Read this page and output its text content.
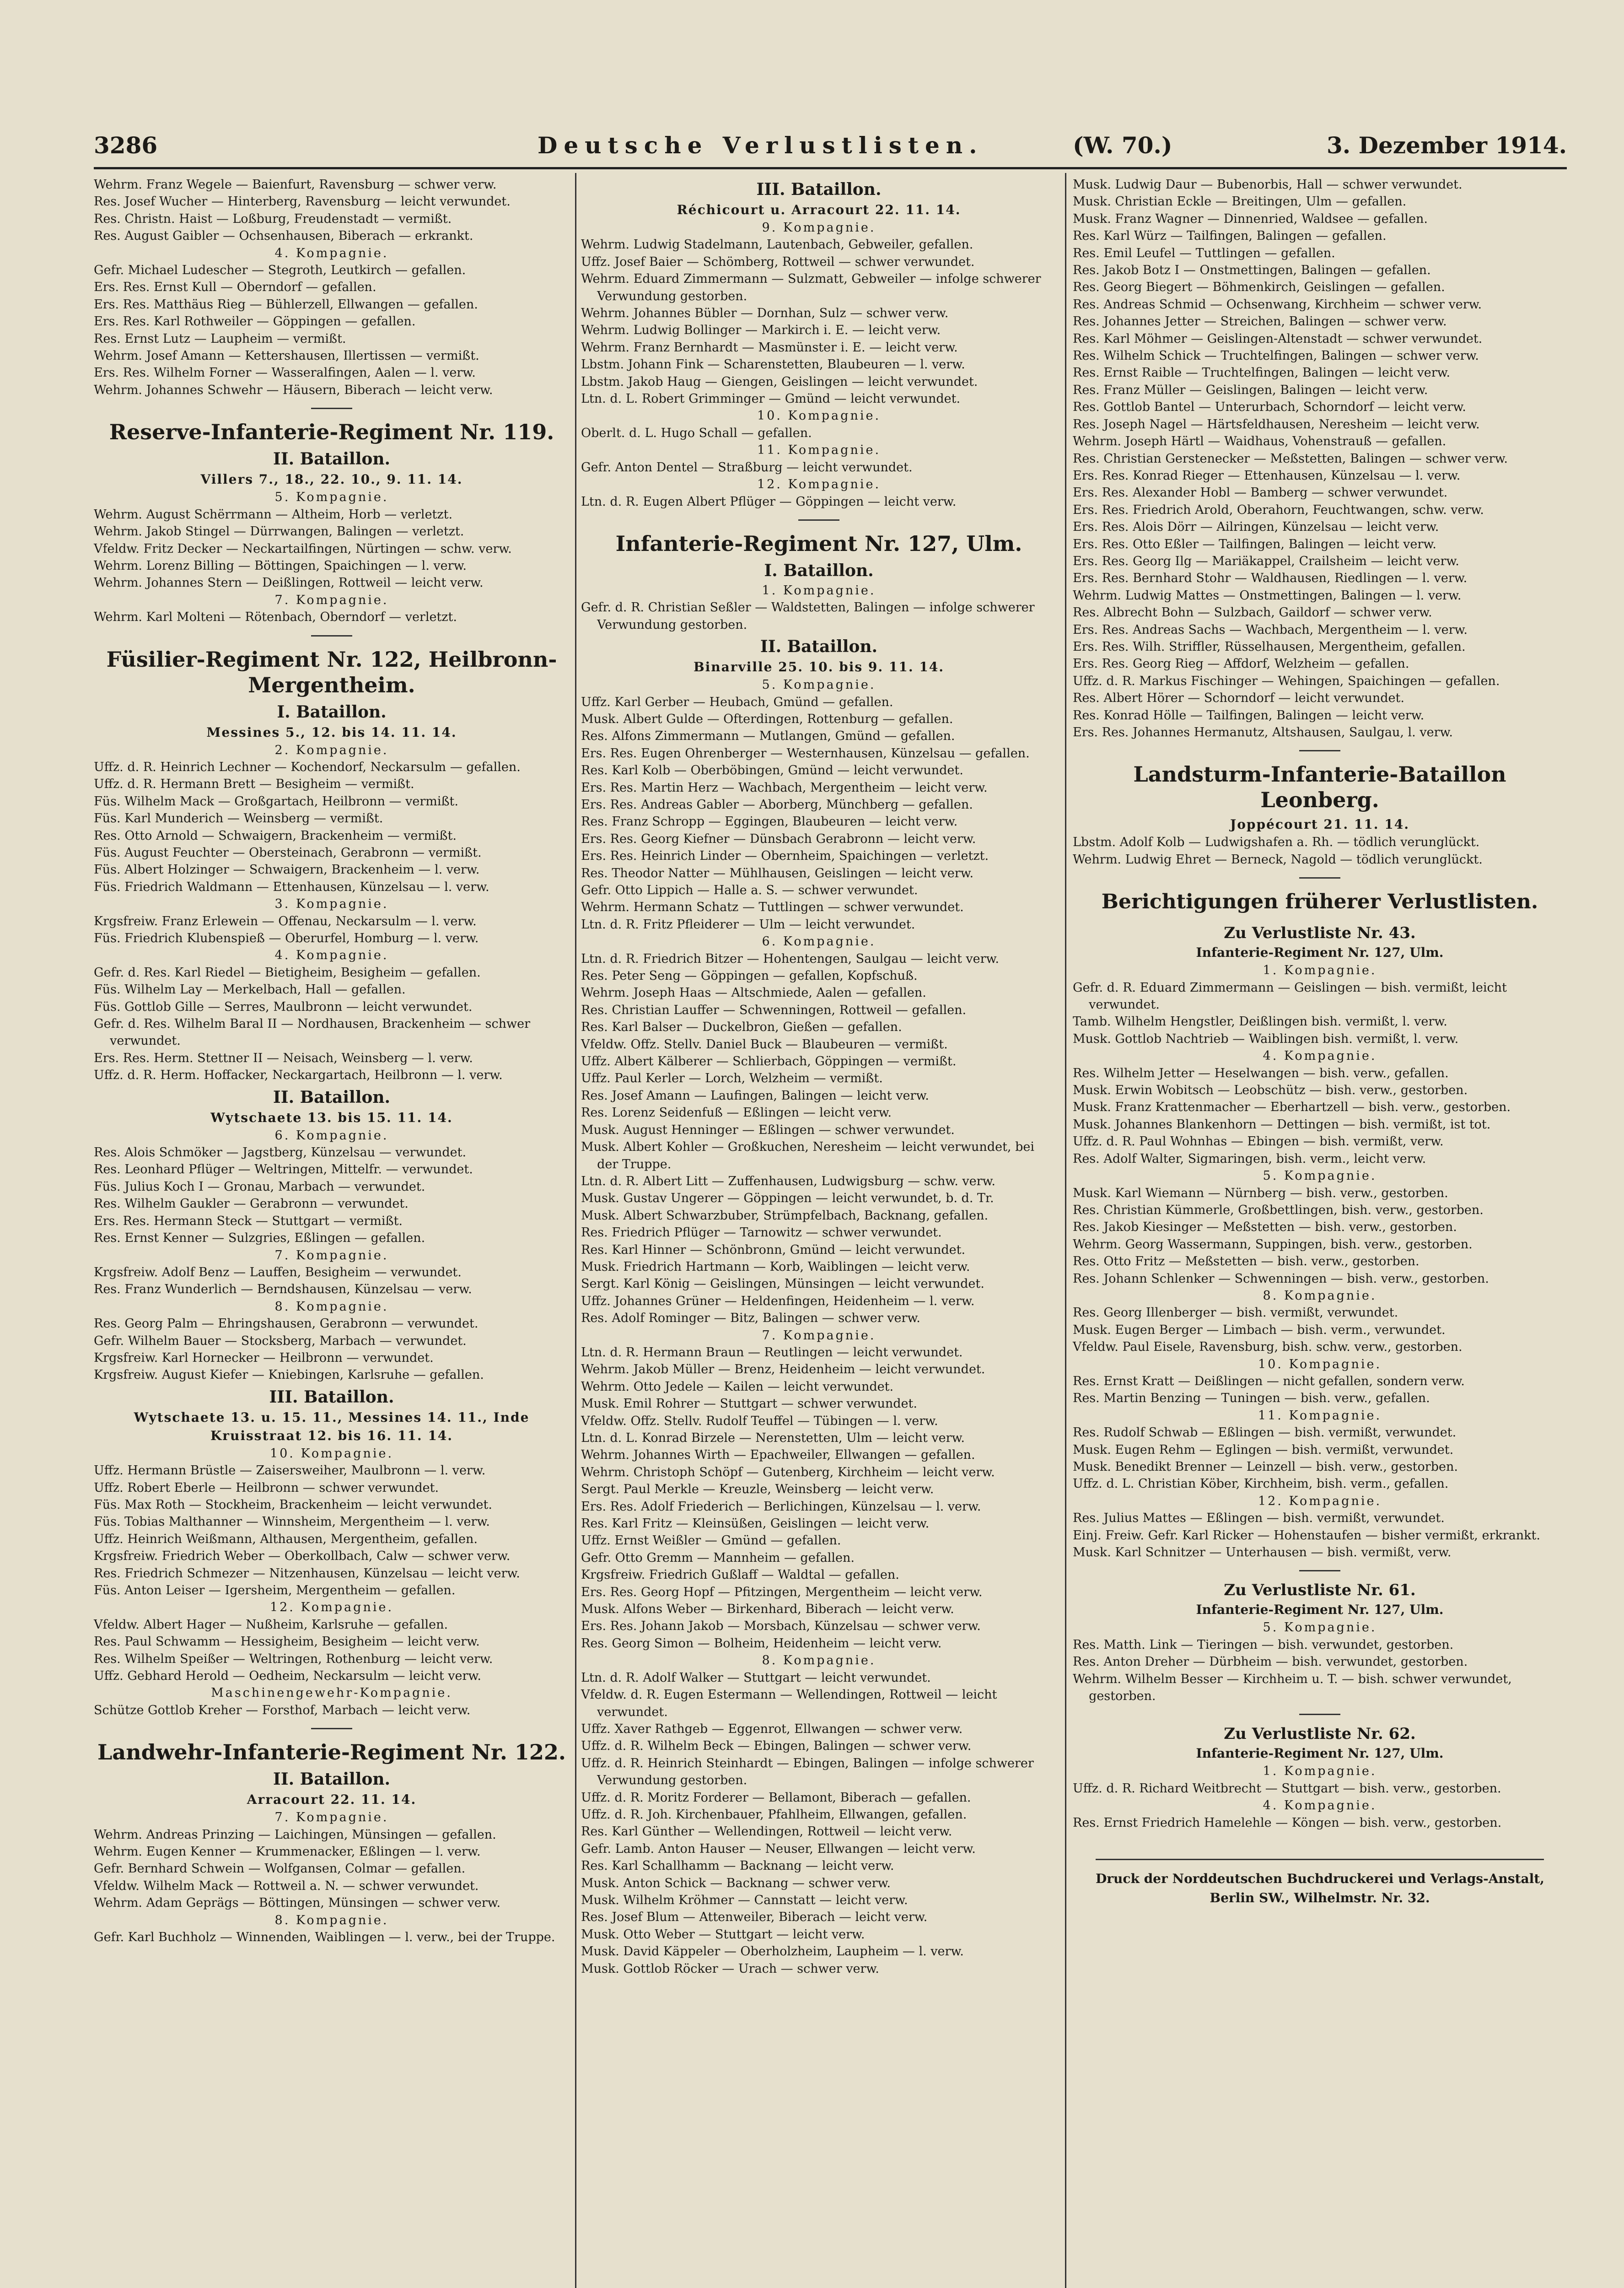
3286	Deutsche Verlustlisten.	(W. 70.)	3. Dezember 1914.
Wehrm. Franz Wegele — Baienfurt, Ravensburg — schwer verw.
Res. Josef Wucher — Hinterberg, Ravensburg — leicht verwundet.
Res. Christn. Haist — Loßburg, Freudenstadt — vermißt.
Res. August Gaibler — Ochsenhausen, Biberach — erkrankt.
4. Kompagnie.
Gefr. Michael Ludescher — Stegroth, Leutkirch — gefallen.
Ers. Res. Ernst Kull — Oberndorf — gefallen.
Ers. Res. Matthäus Rieg — Bühlerzell, Ellwangen — gefallen.
Ers. Res. Karl Rothweiler — Göppingen — gefallen.
Res. Ernst Lutz — Laupheim — vermißt.
Wehrm. Josef Amann — Kettershausen, Illertissen — vermißt.
Ers. Res. Wilhelm Forner — Wasseralfingen, Aalen — l. verw.
Wehrm. Johannes Schwehr — Häusern, Biberach — leicht verw.
Reserve-Infanterie-Regiment Nr. 119.
II. Bataillon.
Villers 7., 18., 22. 10., 9. 11. 14.
5. Kompagnie.
Wehrm. August Schërrmann — Altheim, Horb — verletzt.
Wehrm. Jakob Stingel — Dürrwangen, Balingen — verletzt.
Vfeldw. Fritz Decker — Neckartailfingen, Nürtingen — schw. verw.
Wehrm. Lorenz Billing — Böttingen, Spaichingen — l. verw.
Wehrm. Johannes Stern — Deißlingen, Rottweil — leicht verw.
7. Kompagnie.
Wehrm. Karl Molteni — Rötenbach, Oberndorf — verletzt.
Füsilier-Regiment Nr. 122, Heilbronn-Mergentheim.
I. Bataillon.
Messines 5., 12. bis 14. 11. 14.
2. Kompagnie.
Uffz. d. R. Heinrich Lechner — Kochendorf, Neckarsulm — gefallen.
Uffz. d. R. Hermann Brett — Besigheim — vermißt.
Füs. Wilhelm Mack — Großgartach, Heilbronn — vermißt.
Füs. Karl Munderich — Weinsberg — vermißt.
Res. Otto Arnold — Schwaigern, Brackenheim — vermißt.
Füs. August Feuchter — Obersteinach, Gerabronn — vermißt.
Füs. Albert Holzinger — Schwaigern, Brackenheim — l. verw.
Füs. Friedrich Waldmann — Ettenhausen, Künzelsau — l. verw.
3. Kompagnie.
Krgsfreiw. Franz Erlewein — Offenau, Neckarsulm — l. verw.
Füs. Friedrich Klubenspieß — Oberurfel, Homburg — l. verw.
4. Kompagnie.
Gefr. d. Res. Karl Riedel — Bietigheim, Besigheim — gefallen.
Füs. Wilhelm Lay — Merkelbach, Hall — gefallen.
Füs. Gottlob Gille — Serres, Maulbronn — leicht verwundet.
Gefr. d. Res. Wilhelm Baral II — Nordhausen, Brackenheim — schwer verwundet.
Ers. Res. Herm. Stettner II — Neisach, Weinsberg — l. verw.
Uffz. d. R. Herm. Hoffacker, Neckargartach, Heilbronn — l. verw.
II. Bataillon.
Wytschaete 13. bis 15. 11. 14.
6. Kompagnie.
Res. Alois Schmöker — Jagstberg, Künzelsau — verwundet.
Res. Leonhard Pflüger — Weltringen, Mittelfr. — verwundet.
Füs. Julius Koch I — Gronau, Marbach — verwundet.
Res. Wilhelm Gaukler — Gerabronn — verwundet.
Ers. Res. Hermann Steck — Stuttgart — vermißt.
Res. Ernst Kenner — Sulzgries, Eßlingen — gefallen.
7. Kompagnie.
Krgsfreiw. Adolf Benz — Lauffen, Besigheim — verwundet.
Res. Franz Wunderlich — Berndshausen, Künzelsau — verw.
8. Kompagnie.
Res. Georg Palm — Ehringshausen, Gerabronn — verwundet.
Gefr. Wilhelm Bauer — Stocksberg, Marbach — verwundet.
Krgsfreiw. Karl Hornecker — Heilbronn — verwundet.
Krgsfreiw. August Kiefer — Kniebingen, Karlsruhe — gefallen.
III. Bataillon.
Wytschaete 13. u. 15. 11., Messines 14. 11., Inde Kruisstraat 12. bis 16. 11. 14.
10. Kompagnie.
Uffz. Hermann Brüstle — Zaisersweiher, Maulbronn — l. verw.
Uffz. Robert Eberle — Heilbronn — schwer verwundet.
Füs. Max Roth — Stockheim, Brackenheim — leicht verwundet.
Füs. Tobias Malthanner — Winnsheim, Mergentheim — l. verw.
Uffz. Heinrich Weißmann, Althausen, Mergentheim, gefallen.
Krgsfreiw. Friedrich Weber — Oberkollbach, Calw — schwer verw.
Res. Friedrich Schmezer — Nitzenhausen, Künzelsau — leicht verw.
Füs. Anton Leiser — Igersheim, Mergentheim — gefallen.
12. Kompagnie.
Vfeldw. Albert Hager — Nußheim, Karlsruhe — gefallen.
Res. Paul Schwamm — Hessigheim, Besigheim — leicht verw.
Res. Wilhelm Speißer — Weltringen, Rothenburg — leicht verw.
Uffz. Gebhard Herold — Oedheim, Neckarsulm — leicht verw.
Maschinengewehr-Kompagnie.
Schütze Gottlob Kreher — Forsthof, Marbach — leicht verw.
Landwehr-Infanterie-Regiment Nr. 122.
II. Bataillon.
Arracourt 22. 11. 14.
7. Kompagnie.
Wehrm. Andreas Prinzing — Laichingen, Münsingen — gefallen.
Wehrm. Eugen Kenner — Krummenacker, Eßlingen — l. verw.
Gefr. Bernhard Schwein — Wolfgansen, Colmar — gefallen.
Vfeldw. Wilhelm Mack — Rottweil a. N. — schwer verwundet.
Wehrm. Adam Geprägs — Böttingen, Münsingen — schwer verw.
8. Kompagnie.
Gefr. Karl Buchholz — Winnenden, Waiblingen — l. verw., bei der Truppe.
III. Bataillon.
Réchicourt u. Arracourt 22. 11. 14.
9. Kompagnie.
Wehrm. Ludwig Stadelmann, Lautenbach, Gebweiler, gefallen.
Uffz. Josef Baier — Schömberg, Rottweil — schwer verwundet.
Wehrm. Eduard Zimmermann — Sulzmatt, Gebweiler — infolge schwerer Verwundung gestorben.
Wehrm. Johannes Bübler — Dornhan, Sulz — schwer verw.
Wehrm. Ludwig Bollinger — Markirch i. E. — leicht verw.
Wehrm. Franz Bernhardt — Masmünster i. E. — leicht verw.
Lbstm. Johann Fink — Scharenstetten, Blaubeuren — l. verw.
Lbstm. Jakob Haug — Giengen, Geislingen — leicht verwundet.
Ltn. d. L. Robert Grimminger — Gmünd — leicht verwundet.
10. Kompagnie.
Oberlt. d. L. Hugo Schall — gefallen.
11. Kompagnie.
Gefr. Anton Dentel — Straßburg — leicht verwundet.
12. Kompagnie.
Ltn. d. R. Eugen Albert Pflüger — Göppingen — leicht verw.
Infanterie-Regiment Nr. 127, Ulm.
I. Bataillon.
1. Kompagnie.
Gefr. d. R. Christian Seßler — Waldstetten, Balingen — infolge schwerer Verwundung gestorben.
II. Bataillon.
Binarville 25. 10. bis 9. 11. 14.
5. Kompagnie.
Uffz. Karl Gerber — Heubach, Gmünd — gefallen.
Musk. Albert Gulde — Ofterdingen, Rottenburg — gefallen.
Res. Alfons Zimmermann — Mutlangen, Gmünd — gefallen.
Ers. Res. Eugen Ohrenberger — Westernhausen, Künzelsau — gefallen.
Res. Karl Kolb — Oberböbingen, Gmünd — leicht verwundet.
Ers. Res. Martin Herz — Wachbach, Mergentheim — leicht verw.
Ers. Res. Andreas Gabler — Aborberg, Münchberg — gefallen.
Res. Franz Schropp — Eggingen, Blaubeuren — leicht verw.
Ers. Res. Georg Kiefner — Dünsbach Gerabronn — leicht verw.
Ers. Res. Heinrich Linder — Obernheim, Spaichingen — verletzt.
Res. Theodor Natter — Mühlhausen, Geislingen — leicht verw.
Gefr. Otto Lippich — Halle a. S. — schwer verwundet.
Wehrm. Hermann Schatz — Tuttlingen — schwer verwundet.
Ltn. d. R. Fritz Pfleiderer — Ulm — leicht verwundet.
6. Kompagnie.
Ltn. d. R. Friedrich Bitzer — Hohentengen, Saulgau — leicht verw.
Res. Peter Seng — Göppingen — gefallen, Kopfschuß.
Wehrm. Joseph Haas — Altschmiede, Aalen — gefallen.
Res. Christian Lauffer — Schwenningen, Rottweil — gefallen.
Res. Karl Balser — Duckelbron, Gießen — gefallen.
Vfeldw. Offz. Stellv. Daniel Buck — Blaubeuren — vermißt.
Uffz. Albert Kälberer — Schlierbach, Göppingen — vermißt.
Uffz. Paul Kerler — Lorch, Welzheim — vermißt.
Res. Josef Amann — Laufingen, Balingen — leicht verw.
Res. Lorenz Seidenfuß — Eßlingen — leicht verw.
Musk. August Henninger — Eßlingen — schwer verwundet.
Musk. Albert Kohler — Großkuchen, Neresheim — leicht verwundet, bei der Truppe.
Ltn. d. R. Albert Litt — Zuffenhausen, Ludwigsburg — schw. verw.
Musk. Gustav Ungerer — Göppingen — leicht verwundet, b. d. Tr.
Musk. Albert Schwarzbuber, Strümpfelbach, Backnang, gefallen.
Res. Friedrich Pflüger — Tarnowitz — schwer verwundet.
Res. Karl Hinner — Schönbronn, Gmünd — leicht verwundet.
Musk. Friedrich Hartmann — Korb, Waiblingen — leicht verw.
Sergt. Karl König — Geislingen, Münsingen — leicht verwundet.
Uffz. Johannes Grüner — Heldenfingen, Heidenheim — l. verw.
Res. Adolf Rominger — Bitz, Balingen — schwer verw.
7. Kompagnie.
Ltn. d. R. Hermann Braun — Reutlingen — leicht verwundet.
Wehrm. Jakob Müller — Brenz, Heidenheim — leicht verwundet.
Wehrm. Otto Jedele — Kailen — leicht verwundet.
Musk. Emil Rohrer — Stuttgart — schwer verwundet.
Vfeldw. Offz. Stellv. Rudolf Teuffel — Tübingen — l. verw.
Ltn. d. L. Konrad Birzele — Nerenstetten, Ulm — leicht verw.
Wehrm. Johannes Wirth — Epachweiler, Ellwangen — gefallen.
Wehrm. Christoph Schöpf — Gutenberg, Kirchheim — leicht verw.
Sergt. Paul Merkle — Kreuzle, Weinsberg — leicht verw.
Ers. Res. Adolf Friederich — Berlichingen, Künzelsau — l. verw.
Res. Karl Fritz — Kleinsüßen, Geislingen — leicht verw.
Uffz. Ernst Weißler — Gmünd — gefallen.
Gefr. Otto Gremm — Mannheim — gefallen.
Krgsfreiw. Friedrich Gußlaff — Waldtal — gefallen.
Ers. Res. Georg Hopf — Pfitzingen, Mergentheim — leicht verw.
Musk. Alfons Weber — Birkenhard, Biberach — leicht verw.
Ers. Res. Johann Jakob — Morsbach, Künzelsau — schwer verw.
Res. Georg Simon — Bolheim, Heidenheim — leicht verw.
8. Kompagnie.
Ltn. d. R. Adolf Walker — Stuttgart — leicht verwundet.
Vfeldw. d. R. Eugen Estermann — Wellendingen, Rottweil — leicht verwundet.
Uffz. Xaver Rathgeb — Eggenrot, Ellwangen — schwer verw.
Uffz. d. R. Wilhelm Beck — Ebingen, Balingen — schwer verw.
Uffz. d. R. Heinrich Steinhardt — Ebingen, Balingen — infolge schwerer Verwundung gestorben.
Uffz. d. R. Moritz Forderer — Bellamont, Biberach — gefallen.
Uffz. d. R. Joh. Kirchenbauer, Pfahlheim, Ellwangen, gefallen.
Res. Karl Günther — Wellendingen, Rottweil — leicht verw.
Gefr. Lamb. Anton Hauser — Neuser, Ellwangen — leicht verw.
Res. Karl Schallhamm — Backnang — leicht verw.
Musk. Anton Schick — Backnang — schwer verw.
Musk. Wilhelm Kröhmer — Cannstatt — leicht verw.
Res. Josef Blum — Attenweiler, Biberach — leicht verw.
Musk. Otto Weber — Stuttgart — leicht verw.
Musk. David Käppeler — Oberholzheim, Laupheim — l. verw.
Musk. Gottlob Röcker — Urach — schwer verw.
Musk. Ludwig Daur — Bubenorbis, Hall — schwer verwundet.
Musk. Christian Eckle — Breitingen, Ulm — gefallen.
Musk. Franz Wagner — Dinnenried, Waldsee — gefallen.
Res. Karl Würz — Tailfingen, Balingen — gefallen.
Res. Emil Leufel — Tuttlingen — gefallen.
Res. Jakob Botz I — Onstmettingen, Balingen — gefallen.
Res. Georg Biegert — Böhmenkirch, Geislingen — gefallen.
Res. Andreas Schmid — Ochsenwang, Kirchheim — schwer verw.
Res. Johannes Jetter — Streichen, Balingen — schwer verw.
Res. Karl Möhmer — Geislingen-Altenstadt — schwer verwundet.
Res. Wilhelm Schick — Truchtelfingen, Balingen — schwer verw.
Res. Ernst Raible — Truchtelfingen, Balingen — leicht verw.
Res. Franz Müller — Geislingen, Balingen — leicht verw.
Res. Gottlob Bantel — Unterurbach, Schorndorf — leicht verw.
Res. Joseph Nagel — Härtsfeldhausen, Neresheim — leicht verw.
Wehrm. Joseph Härtl — Waidhaus, Vohenstrauß — gefallen.
Res. Christian Gerstenecker — Meßstetten, Balingen — schwer verw.
Ers. Res. Konrad Rieger — Ettenhausen, Künzelsau — l. verw.
Ers. Res. Alexander Hobl — Bamberg — schwer verwundet.
Ers. Res. Friedrich Arold, Oberahorn, Feuchtwangen, schw. verw.
Ers. Res. Alois Dörr — Ailringen, Künzelsau — leicht verw.
Ers. Res. Otto Eßler — Tailfingen, Balingen — leicht verw.
Ers. Res. Georg Ilg — Mariäkappel, Crailsheim — leicht verw.
Ers. Res. Bernhard Stohr — Waldhausen, Riedlingen — l. verw.
Wehrm. Ludwig Mattes — Onstmettingen, Balingen — l. verw.
Res. Albrecht Bohn — Sulzbach, Gaildorf — schwer verw.
Ers. Res. Andreas Sachs — Wachbach, Mergentheim — l. verw.
Ers. Res. Wilh. Striffler, Rüsselhausen, Mergentheim, gefallen.
Ers. Res. Georg Rieg — Affdorf, Welzheim — gefallen.
Uffz. d. R. Markus Fischinger — Wehingen, Spaichingen — gefallen.
Res. Albert Hörer — Schorndorf — leicht verwundet.
Res. Konrad Hölle — Tailfingen, Balingen — leicht verw.
Ers. Res. Johannes Hermanutz, Altshausen, Saulgau, l. verw.
Landsturm-Infanterie-Bataillon Leonberg.
Joppécourt 21. 11. 14.
Lbstm. Adolf Kolb — Ludwigshafen a. Rh. — tödlich verunglückt.
Wehrm. Ludwig Ehret — Berneck, Nagold — tödlich verunglückt.
Berichtigungen früherer Verlustlisten.
Zu Verlustliste Nr. 43.
Infanterie-Regiment Nr. 127, Ulm.
1. Kompagnie.
Gefr. d. R. Eduard Zimmermann — Geislingen — bish. vermißt, leicht verwundet.
Tamb. Wilhelm Hengstler, Deißlingen bish. vermißt, l. verw.
Musk. Gottlob Nachtrieb — Waiblingen bish. vermißt, l. verw.
4. Kompagnie.
Res. Wilhelm Jetter — Heselwangen — bish. verw., gefallen.
Musk. Erwin Wobitsch — Leobschütz — bish. verw., gestorben.
Musk. Franz Krattenmacher — Eberhartzell — bish. verw., gestorben.
Musk. Johannes Blankenhorn — Dettingen — bish. vermißt, ist tot.
Uffz. d. R. Paul Wohnhas — Ebingen — bish. vermißt, verw.
Res. Adolf Walter, Sigmaringen, bish. verm., leicht verw.
5. Kompagnie.
Musk. Karl Wiemann — Nürnberg — bish. verw., gestorben.
Res. Christian Kümmerle, Großbettlingen, bish. verw., gestorben.
Res. Jakob Kiesinger — Meßstetten — bish. verw., gestorben.
Wehrm. Georg Wassermann, Suppingen, bish. verw., gestorben.
Res. Otto Fritz — Meßstetten — bish. verw., gestorben.
Res. Johann Schlenker — Schwenningen — bish. verw., gestorben.
8. Kompagnie.
Res. Georg Illenberger — bish. vermißt, verwundet.
Musk. Eugen Berger — Limbach — bish. verm., verwundet.
Vfeldw. Paul Eisele, Ravensburg, bish. schw. verw., gestorben.
10. Kompagnie.
Res. Ernst Kratt — Deißlingen — nicht gefallen, sondern verw.
Res. Martin Benzing — Tuningen — bish. verw., gefallen.
11. Kompagnie.
Res. Rudolf Schwab — Eßlingen — bish. vermißt, verwundet.
Musk. Eugen Rehm — Eglingen — bish. vermißt, verwundet.
Musk. Benedikt Brenner — Leinzell — bish. verw., gestorben.
Uffz. d. L. Christian Köber, Kirchheim, bish. verm., gefallen.
12. Kompagnie.
Res. Julius Mattes — Eßlingen — bish. vermißt, verwundet.
Einj. Freiw. Gefr. Karl Ricker — Hohenstaufen — bisher vermißt, erkrankt.
Musk. Karl Schnitzer — Unterhausen — bish. vermißt, verw.
Zu Verlustliste Nr. 61.
Infanterie-Regiment Nr. 127, Ulm.
5. Kompagnie.
Res. Matth. Link — Tieringen — bish. verwundet, gestorben.
Res. Anton Dreher — Dürbheim — bish. verwundet, gestorben.
Wehrm. Wilhelm Besser — Kirchheim u. T. — bish. schwer verwundet, gestorben.
Zu Verlustliste Nr. 62.
Infanterie-Regiment Nr. 127, Ulm.
1. Kompagnie.
Uffz. d. R. Richard Weitbrecht — Stuttgart — bish. verw., gestorben.
4. Kompagnie.
Res. Ernst Friedrich Hamelehle — Köngen — bish. verw., gestorben.
Druck der Norddeutschen Buchdruckerei und Verlags-Anstalt,
Berlin SW., Wilhelmstr. Nr. 32.
